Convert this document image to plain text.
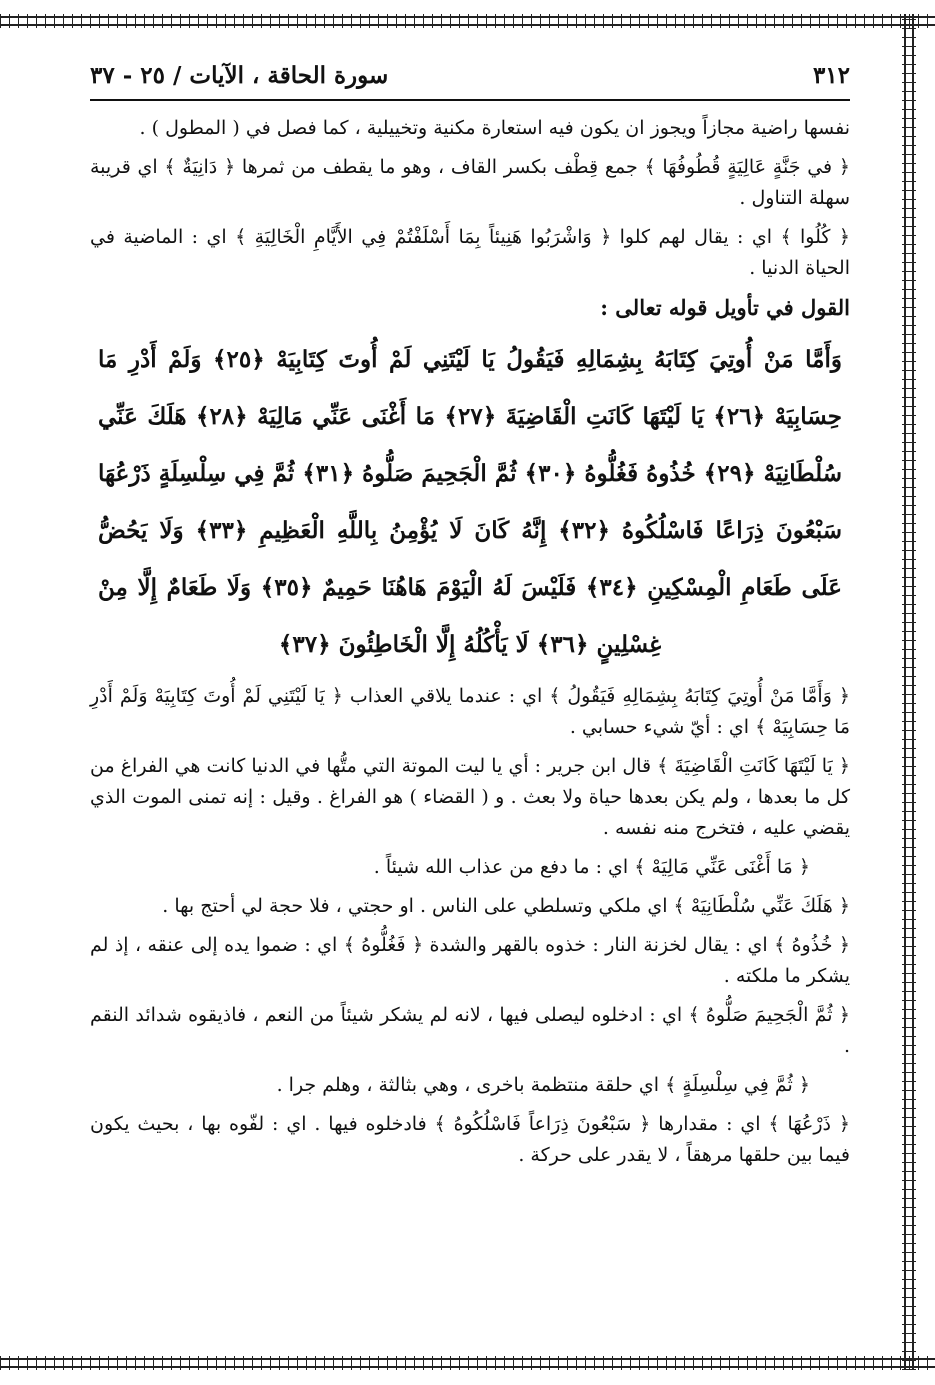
٣١٢
سورة الحاقة ، الآيات / ٢٥ - ٣٧

نفسها راضية مجازاً ويجوز ان يكون فيه استعارة مكنية وتخييلية ، كما فصل في ( المطول ) .

﴿ في جَنَّةٍ عَالِيَةٍ قُطُوفُهَا ﴾ جمع قِطْف بكسر القاف ، وهو ما يقطف من ثمرها ﴿ دَانِيَةٌ ﴾ اي قريبة سهلة التناول .

﴿ كُلُوا ﴾ اي : يقال لهم كلوا ﴿ وَاشْرَبُوا هَنِيئاً بِمَا أَسْلَفْتُمْ فِي الأَيَّامِ الْخَالِيَةِ ﴾ اي : الماضية في الحياة الدنيا .

القول في تأويل قوله تعالى :
وَأَمَّا مَنْ أُوتِيَ كِتَابَهُ بِشِمَالِهِ فَيَقُولُ يَا لَيْتَنِي لَمْ أُوتَ كِتَابِيَهْ ﴿٢٥﴾ وَلَمْ أَدْرِ مَا حِسَابِيَهْ ﴿٢٦﴾ يَا لَيْتَهَا كَانَتِ الْقَاضِيَةَ ﴿٢٧﴾ مَا أَغْنَى عَنِّي مَالِيَهْ ﴿٢٨﴾ هَلَكَ عَنِّي سُلْطَانِيَهْ ﴿٢٩﴾ خُذُوهُ فَغُلُّوهُ ﴿٣٠﴾ ثُمَّ الْجَحِيمَ صَلُّوهُ ﴿٣١﴾ ثُمَّ فِي سِلْسِلَةٍ ذَرْعُهَا سَبْعُونَ ذِرَاعًا فَاسْلُكُوهُ ﴿٣٢﴾ إِنَّهُ كَانَ لَا يُؤْمِنُ بِاللَّهِ الْعَظِيمِ ﴿٣٣﴾ وَلَا يَحُضُّ عَلَى طَعَامِ الْمِسْكِينِ ﴿٣٤﴾ فَلَيْسَ لَهُ الْيَوْمَ هَاهُنَا حَمِيمٌ ﴿٣٥﴾ وَلَا طَعَامٌ إِلَّا مِنْ غِسْلِينٍ ﴿٣٦﴾ لَا يَأْكُلُهُ إِلَّا الْخَاطِئُونَ ﴿٣٧﴾

﴿ وَأَمَّا مَنْ أُوتِيَ كِتَابَهُ بِشِمَالِهِ فَيَقُولُ ﴾ اي : عندما يلاقي العذاب ﴿ يَا لَيْتَنِي لَمْ أُوتَ كِتَابِيَهْ وَلَمْ أَدْرِ مَا حِسَابِيَهْ ﴾ اي : أيّ شيء حسابي .

﴿ يَا لَيْتَهَا كَانَتِ الْقَاضِيَةَ ﴾ قال ابن جرير : أي يا ليت الموتة التي متُّها في الدنيا كانت هي الفراغ من كل ما بعدها ، ولم يكن بعدها حياة ولا بعث . و ( القضاء ) هو الفراغ . وقيل : إنه تمنى الموت الذي يقضي عليه ، فتخرج منه نفسه .

﴿ مَا أَغْنَى عَنِّي مَالِيَهْ ﴾ اي : ما دفع من عذاب الله شيئاً .

﴿ هَلَكَ عَنِّي سُلْطَانِيَهْ ﴾ اي ملكي وتسلطي على الناس . او حجتي ، فلا حجة لي أحتج بها .

﴿ خُذُوهُ ﴾ اي : يقال لخزنة النار : خذوه بالقهر والشدة ﴿ فَغُلُّوهُ ﴾ اي : ضموا يده إلى عنقه ، إذ لم يشكر ما ملكته .

﴿ ثُمَّ الْجَحِيمَ صَلُّوهُ ﴾ اي : ادخلوه ليصلى فيها ، لانه لم يشكر شيئاً من النعم ، فاذيقوه شدائد النقم .

﴿ ثُمَّ فِي سِلْسِلَةٍ ﴾ اي حلقة منتظمة باخرى ، وهي بثالثة ، وهلم جرا .

﴿ ذَرْعُهَا ﴾ اي : مقدارها ﴿ سَبْعُونَ ذِرَاعاً فَاسْلُكُوهُ ﴾ فادخلوه فيها . اي : لفّوه بها ، بحيث يكون فيما بين حلقها مرهقاً ، لا يقدر على حركة .
